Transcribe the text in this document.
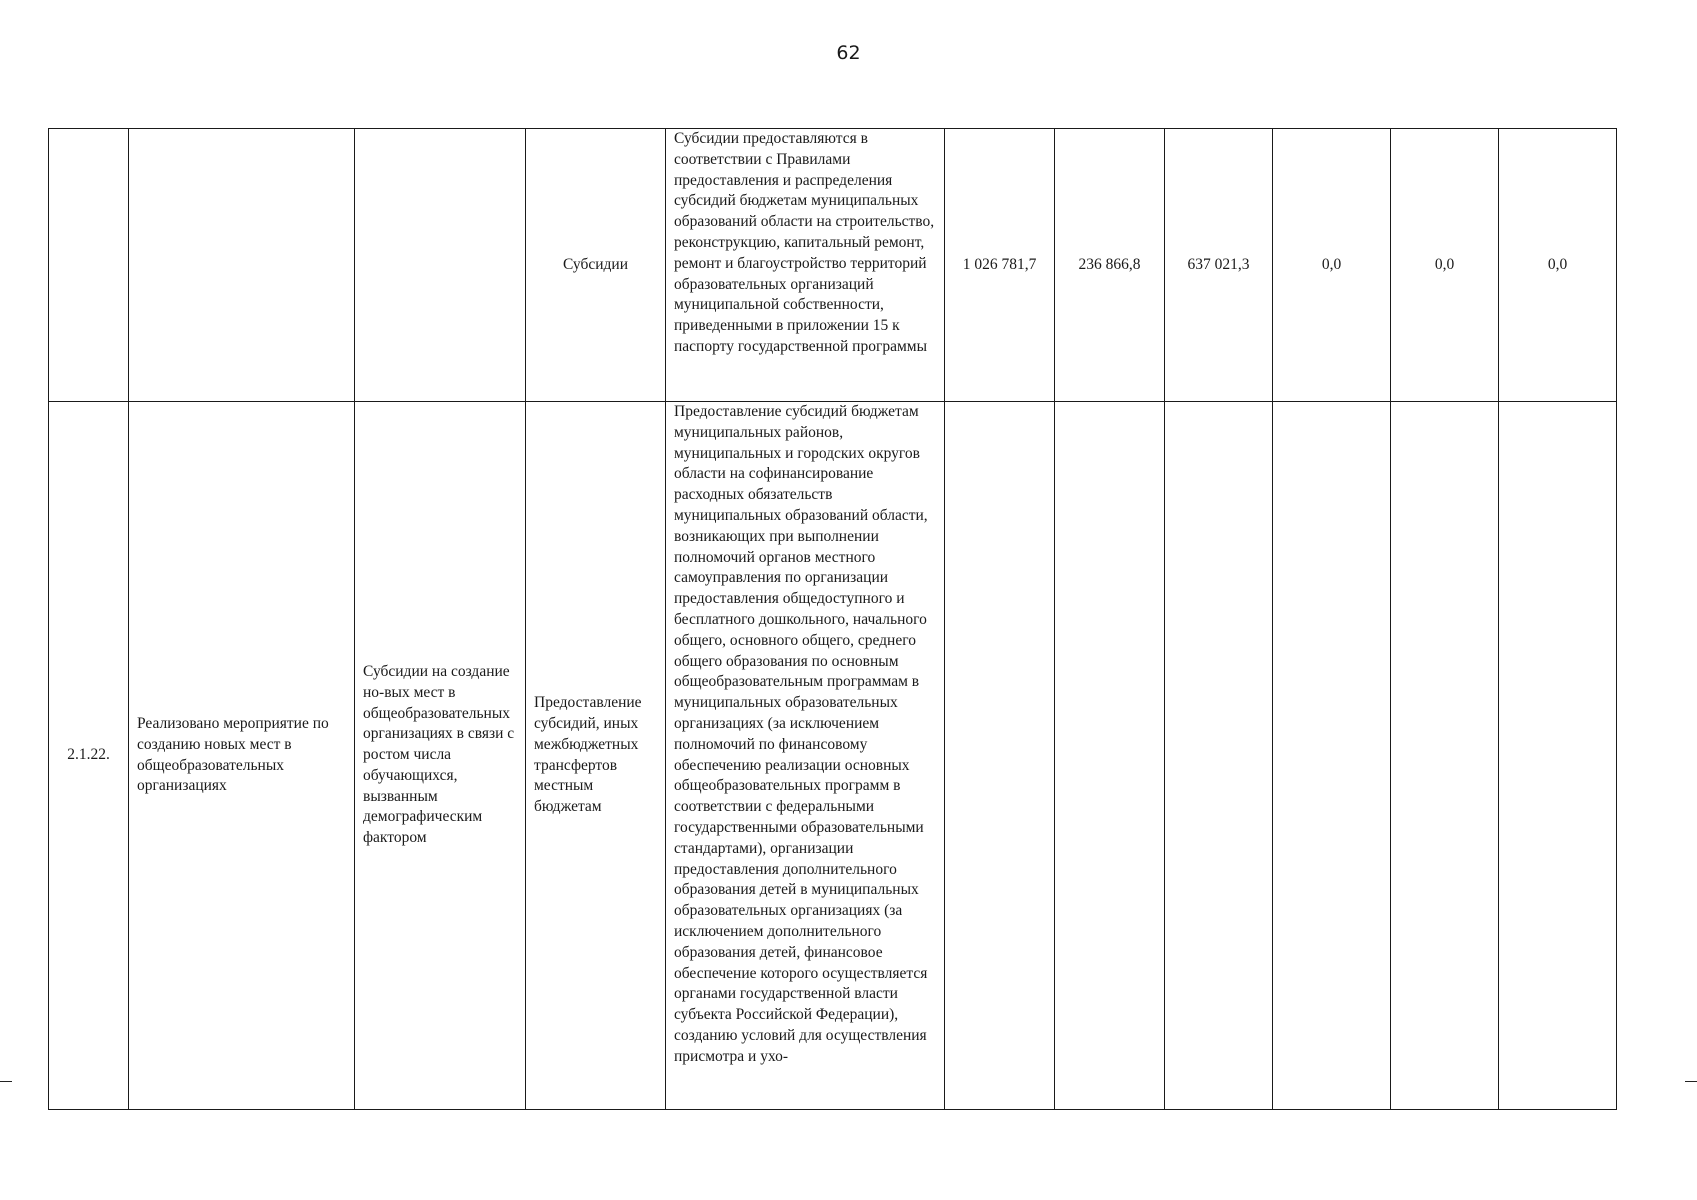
62
			Субсидии	Субсидии предоставляются в соответствии с Правилами предоставления и распределения субсидий бюджетам муниципальных образований области на строительство, реконструкцию, капитальный ремонт, ремонт и благоустройство территорий образовательных организаций муниципальной собственности, приведенными в приложении 15 к паспорту государственной программы	1 026 781,7	236 866,8	637 021,3	0,0	0,0	0,0
2.1.22.	Реализовано мероприятие по созданию новых мест в общеобразовательных организациях	Субсидии на создание но-вых мест в общеобразовательных организациях в связи с ростом числа обучающихся, вызванным демографическим фактором	Предоставление субсидий, иных межбюджетных трансфертов местным бюджетам	Предоставление субсидий бюджетам муниципальных районов, муниципальных и городских округов области на софинансирование расходных обязательств муниципальных образований области, возникающих при выполнении полномочий органов местного самоуправления по организации предоставления общедоступного и бесплатного дошкольного, начального общего, основного общего, среднего общего образования по основным общеобразовательным программам в муниципальных образовательных организациях (за исключением полномочий по финансовому обеспечению реализации основных общеобразовательных программ в соответствии с федеральными государственными образовательными стандартами), организации предоставления дополнительного образования детей в муниципальных образовательных организациях (за исключением дополнительного образования детей, финансовое обеспечение которого осуществляется органами государственной власти субъекта Российской Федерации), созданию условий для осуществления присмотра и ухо-						
